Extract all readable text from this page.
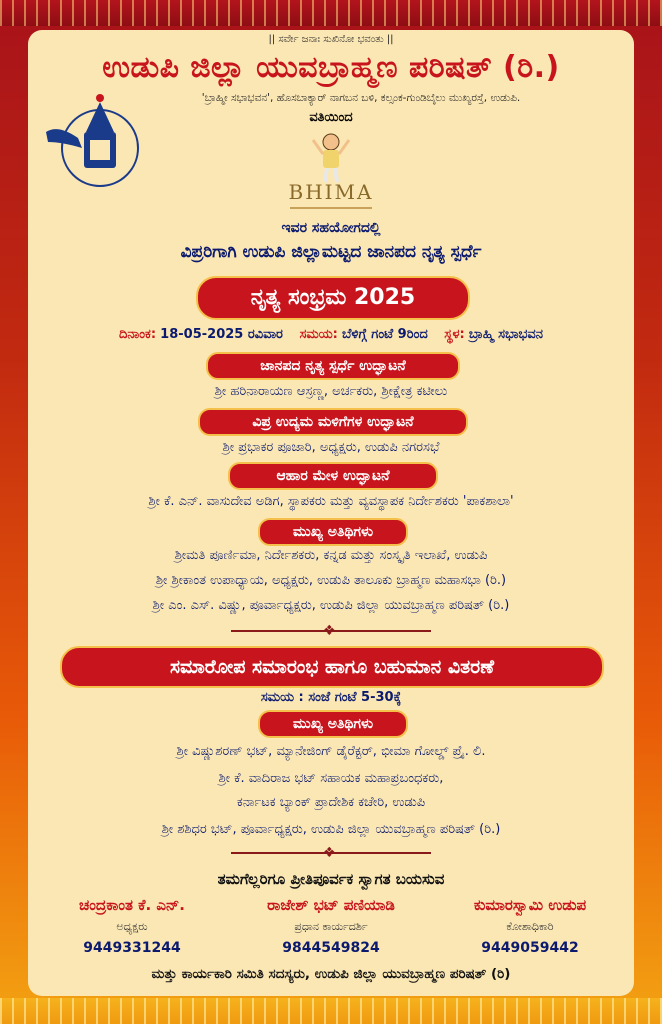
|| ಸರ್ವೇ ಜನಾಃ ಸುಖಿನೋ ಭವಂತು ||
ಉಡುಪಿ ಜಿಲ್ಲಾ ಯುವಬ್ರಾಹ್ಮಣ ಪರಿಷತ್ (ರಿ.)
'ಬ್ರಾಹ್ಮೀ ಸಭಾಭವನ', ಹೊಸಬಾಕ್ಯಾರ್ ನಾಗಬನ ಬಳಿ, ಕಲ್ಸಂಕ-ಗುಂಡಿಬೈಲು ಮುಖ್ಯರಸ್ತೆ, ಉಡುಪಿ.
ವತಿಯಿಂದ
BHIMA
ಇವರ ಸಹಯೋಗದಲ್ಲಿ
ವಿಪ್ರರಿಗಾಗಿ ಉಡುಪಿ ಜಿಲ್ಲಾಮಟ್ಟದ ಜಾನಪದ ನೃತ್ಯ ಸ್ಪರ್ಧೆ
ನೃತ್ಯ ಸಂಭ್ರಮ 2025
ದಿನಾಂಕ: 18-05-2025 ರವಿವಾರ ಸಮಯ: ಬೆಳಿಗ್ಗೆ ಗಂಟೆ 9ರಿಂದ ಸ್ಥಳ: ಬ್ರಾಹ್ಮಿ ಸಭಾಭವನ
ಜಾನಪದ ನೃತ್ಯ ಸ್ಪರ್ಧೆ ಉದ್ಘಾಟನೆ
ಶ್ರೀ ಹರಿನಾರಾಯಣ ಆಸ್ರಣ್ಣ, ಅರ್ಚಕರು, ಶ್ರೀಕ್ಷೇತ್ರ ಕಟೀಲು
ವಿಪ್ರ ಉದ್ಯಮ ಮಳಿಗೆಗಳ ಉದ್ಘಾಟನೆ
ಶ್ರೀ ಪ್ರಭಾಕರ ಪೂಜಾರಿ, ಅಧ್ಯಕ್ಷರು, ಉಡುಪಿ ನಗರಸಭೆ
ಆಹಾರ ಮೇಳ ಉದ್ಘಾಟನೆ
ಶ್ರೀ ಕೆ. ಎನ್. ವಾಸುದೇವ ಅಡಿಗ, ಸ್ಥಾಪಕರು ಮತ್ತು ವ್ಯವಸ್ಥಾಪಕ ನಿರ್ದೇಶಕರು 'ಪಾಕಶಾಲಾ'
ಮುಖ್ಯ ಅತಿಥಿಗಳು
ಶ್ರೀಮತಿ ಪೂರ್ಣಿಮಾ, ನಿರ್ದೇಶಕರು, ಕನ್ನಡ ಮತ್ತು ಸಂಸ್ಕೃತಿ ಇಲಾಖೆ, ಉಡುಪಿ
ಶ್ರೀ ಶ್ರೀಕಾಂತ ಉಪಾಧ್ಯಾಯ, ಅಧ್ಯಕ್ಷರು, ಉಡುಪಿ ತಾಲೂಕು ಬ್ರಾಹ್ಮಣ ಮಹಾಸಭಾ (ರಿ.)
ಶ್ರೀ ಎಂ. ಎಸ್. ವಿಷ್ಣು, ಪೂರ್ವಾಧ್ಯಕ್ಷರು, ಉಡುಪಿ ಜಿಲ್ಲಾ ಯುವಬ್ರಾಹ್ಮಣ ಪರಿಷತ್ (ರಿ.)
❖
ಸಮಾರೋಪ ಸಮಾರಂಭ ಹಾಗೂ ಬಹುಮಾನ ವಿತರಣೆ
ಸಮಯ : ಸಂಜೆ ಗಂಟೆ 5-30ಕ್ಕೆ
ಮುಖ್ಯ ಅತಿಥಿಗಳು
ಶ್ರೀ ವಿಷ್ಣುಶರಣ್ ಭಟ್, ಮ್ಯಾನೇಜಿಂಗ್ ಡೈರೆಕ್ಟರ್, ಭೀಮಾ ಗೋಲ್ಡ್ ಪ್ರೈ. ಲಿ.
ಶ್ರೀ ಕೆ. ವಾದಿರಾಜ ಭಟ್ ಸಹಾಯಕ ಮಹಾಪ್ರಬಂಧಕರು,
ಕರ್ನಾಟಕ ಬ್ಯಾಂಕ್ ಪ್ರಾದೇಶಿಕ ಕಚೇರಿ, ಉಡುಪಿ
ಶ್ರೀ ಶಶಿಧರ ಭಟ್, ಪೂರ್ವಾಧ್ಯಕ್ಷರು, ಉಡುಪಿ ಜಿಲ್ಲಾ ಯುವಬ್ರಾಹ್ಮಣ ಪರಿಷತ್ (ರಿ.)
❖
ತಮಗೆಲ್ಲರಿಗೂ ಪ್ರೀತಿಪೂರ್ವಕ ಸ್ವಾಗತ ಬಯಸುವ
ಚಂದ್ರಕಾಂತ ಕೆ. ಎನ್.
ಅಧ್ಯಕ್ಷರು
9449331244
ರಾಜೇಶ್ ಭಟ್ ಪಣಿಯಾಡಿ
ಪ್ರಧಾನ ಕಾರ್ಯದರ್ಶಿ
9844549824
ಕುಮಾರಸ್ವಾಮಿ ಉಡುಪ
ಕೋಶಾಧಿಕಾರಿ
9449059442
ಮತ್ತು ಕಾರ್ಯಕಾರಿ ಸಮಿತಿ ಸದಸ್ಯರು, ಉಡುಪಿ ಜಿಲ್ಲಾ ಯುವಬ್ರಾಹ್ಮಣ ಪರಿಷತ್ (ರಿ)
